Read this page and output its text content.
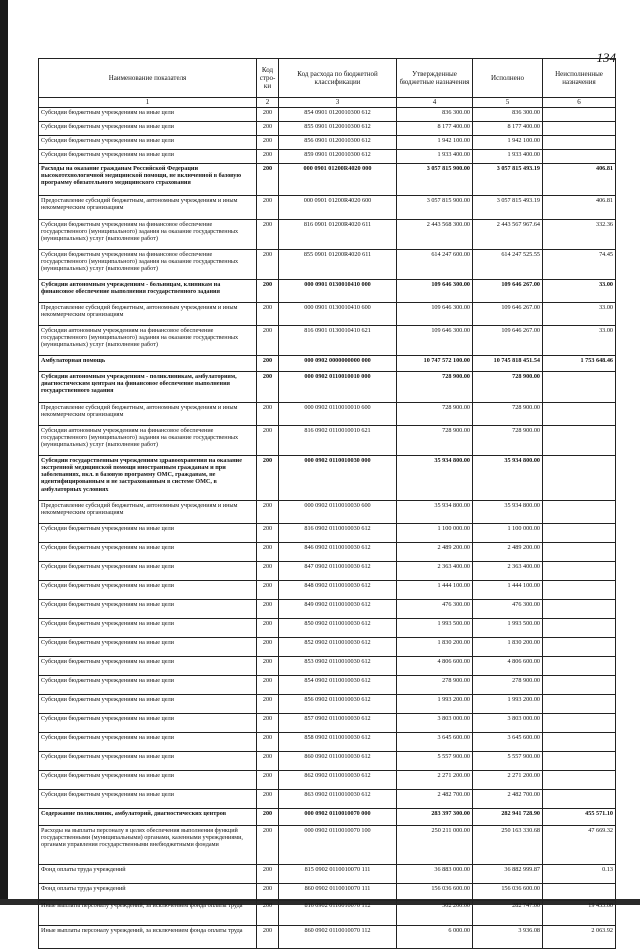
134
Наименование показателя	Код стро-ки	Код расхода по бюджетной классификации	Утвержденные бюджетные назначения	Исполнено	Неисполненные назначения
1	2	3	4	5	6
Субсидии бюджетным учреждениям на иные цели	200	854 0901 0120010300 612	836 300.00	836 300.00	
Субсидии бюджетным учреждениям на иные цели	200	855 0901 0120010300 612	8 177 400.00	8 177 400.00	
Субсидии бюджетным учреждениям на иные цели	200	856 0901 0120010300 612	1 942 100.00	1 942 100.00	
Субсидии бюджетным учреждениям на иные цели	200	859 0901 0120010300 612	1 933 400.00	1 933 400.00	
Расходы на оказание гражданам Российской Федерации высокотехнологичной медицинской помощи, не включенной в базовую программу обязательного медицинского страхования	200	000 0901 01200R4020 000	3 057 815 900.00	3 057 815 493.19	406.81
Предоставление субсидий бюджетным, автономным учреждениям и иным некоммерческим организациям	200	000 0901 01200R4020 600	3 057 815 900.00	3 057 815 493.19	406.81
Субсидии бюджетным учреждениям на финансовое обеспечение государственного (муниципального) задания на оказание государственных (муниципальных) услуг (выполнение работ)	200	816 0901 01200R4020 611	2 443 568 300.00	2 443 567 967.64	332.36
Субсидии бюджетным учреждениям на финансовое обеспечение государственного (муниципального) задания на оказание государственных (муниципальных) услуг (выполнение работ)	200	855 0901 01200R4020 611	614 247 600.00	614 247 525.55	74.45
Субсидии автономным учреждениям - больницам, клиникам на финансовое обеспечение выполнения государственного задания	200	000 0901 0130010410 000	109 646 300.00	109 646 267.00	33.00
Предоставление субсидий бюджетным, автономным учреждениям и иным некоммерческим организациям	200	000 0901 0130010410 600	109 646 300.00	109 646 267.00	33.00
Субсидии автономным учреждениям на финансовое обеспечение государственного (муниципального) задания на оказание государственных (муниципальных) услуг (выполнение работ)	200	816 0901 0130010410 621	109 646 300.00	109 646 267.00	33.00
Амбулаторная помощь	200	000 0902 0000000000 000	10 747 572 100.00	10 745 818 451.54	1 753 648.46
Субсидии автономным учреждениям - поликлиникам, амбулаториям, диагностическим центрам на финансовое обеспечение выполнения государственного задания	200	000 0902 0110010010 000	728 900.00	728 900.00	
Предоставление субсидий бюджетным, автономным учреждениям и иным некоммерческим организациям	200	000 0902 0110010010 600	728 900.00	728 900.00	
Субсидии автономным учреждениям на финансовое обеспечение государственного (муниципального) задания на оказание государственных (муниципальных) услуг (выполнение работ)	200	816 0902 0110010010 621	728 900.00	728 900.00	
Субсидии государственным учреждениям здравоохранения на оказание экстренной медицинской помощи иностранным гражданам и при заболеваниях, вкл. в базовую программу ОМС, гражданам, не идентифицированным и не застрахованным в системе ОМС, в амбулаторных условиях	200	000 0902 0110010030 000	35 934 800.00	35 934 800.00	
Предоставление субсидий бюджетным, автономным учреждениям и иным некоммерческим организациям	200	000 0902 0110010030 600	35 934 800.00	35 934 800.00	
Субсидии бюджетным учреждениям на иные цели	200	816 0902 0110010030 612	1 100 000.00	1 100 000.00	
Субсидии бюджетным учреждениям на иные цели	200	846 0902 0110010030 612	2 489 200.00	2 489 200.00	
Субсидии бюджетным учреждениям на иные цели	200	847 0902 0110010030 612	2 363 400.00	2 363 400.00	
Субсидии бюджетным учреждениям на иные цели	200	848 0902 0110010030 612	1 444 100.00	1 444 100.00	
Субсидии бюджетным учреждениям на иные цели	200	849 0902 0110010030 612	476 300.00	476 300.00	
Субсидии бюджетным учреждениям на иные цели	200	850 0902 0110010030 612	1 993 500.00	1 993 500.00	
Субсидии бюджетным учреждениям на иные цели	200	852 0902 0110010030 612	1 830 200.00	1 830 200.00	
Субсидии бюджетным учреждениям на иные цели	200	853 0902 0110010030 612	4 806 600.00	4 806 600.00	
Субсидии бюджетным учреждениям на иные цели	200	854 0902 0110010030 612	278 900.00	278 900.00	
Субсидии бюджетным учреждениям на иные цели	200	856 0902 0110010030 612	1 993 200.00	1 993 200.00	
Субсидии бюджетным учреждениям на иные цели	200	857 0902 0110010030 612	3 803 000.00	3 803 000.00	
Субсидии бюджетным учреждениям на иные цели	200	858 0902 0110010030 612	3 645 600.00	3 645 600.00	
Субсидии бюджетным учреждениям на иные цели	200	860 0902 0110010030 612	5 557 900.00	5 557 900.00	
Субсидии бюджетным учреждениям на иные цели	200	862 0902 0110010030 612	2 271 200.00	2 271 200.00	
Субсидии бюджетным учреждениям на иные цели	200	863 0902 0110010030 612	2 482 700.00	2 482 700.00	
Содержание поликлиник, амбулаторий, диагностических центров	200	000 0902 0110010070 000	283 397 300.00	282 941 728.90	455 571.10
Расходы на выплаты персоналу в целях обеспечения выполнения функций государственными (муниципальными) органами, казенными учреждениями, органами управления государственными внебюджетными фондами	200	000 0902 0110010070 100	250 211 000.00	250 163 330.68	47 669.32
Фонд оплаты труда учреждений	200	815 0902 0110010070 111	36 883 000.00	36 882 999.87	0.13
Фонд оплаты труда учреждений	200	860 0902 0110010070 111	156 036 600.00	156 036 600.00	
Иные выплаты персоналу учреждений, за исключением фонда оплаты труда	200	816 0902 0110010070 112	302 200.00	282 747.00	19 453.00
Иные выплаты персоналу учреждений, за исключением фонда оплаты труда	200	860 0902 0110010070 112	6 000.00	3 936.08	2 063.92
